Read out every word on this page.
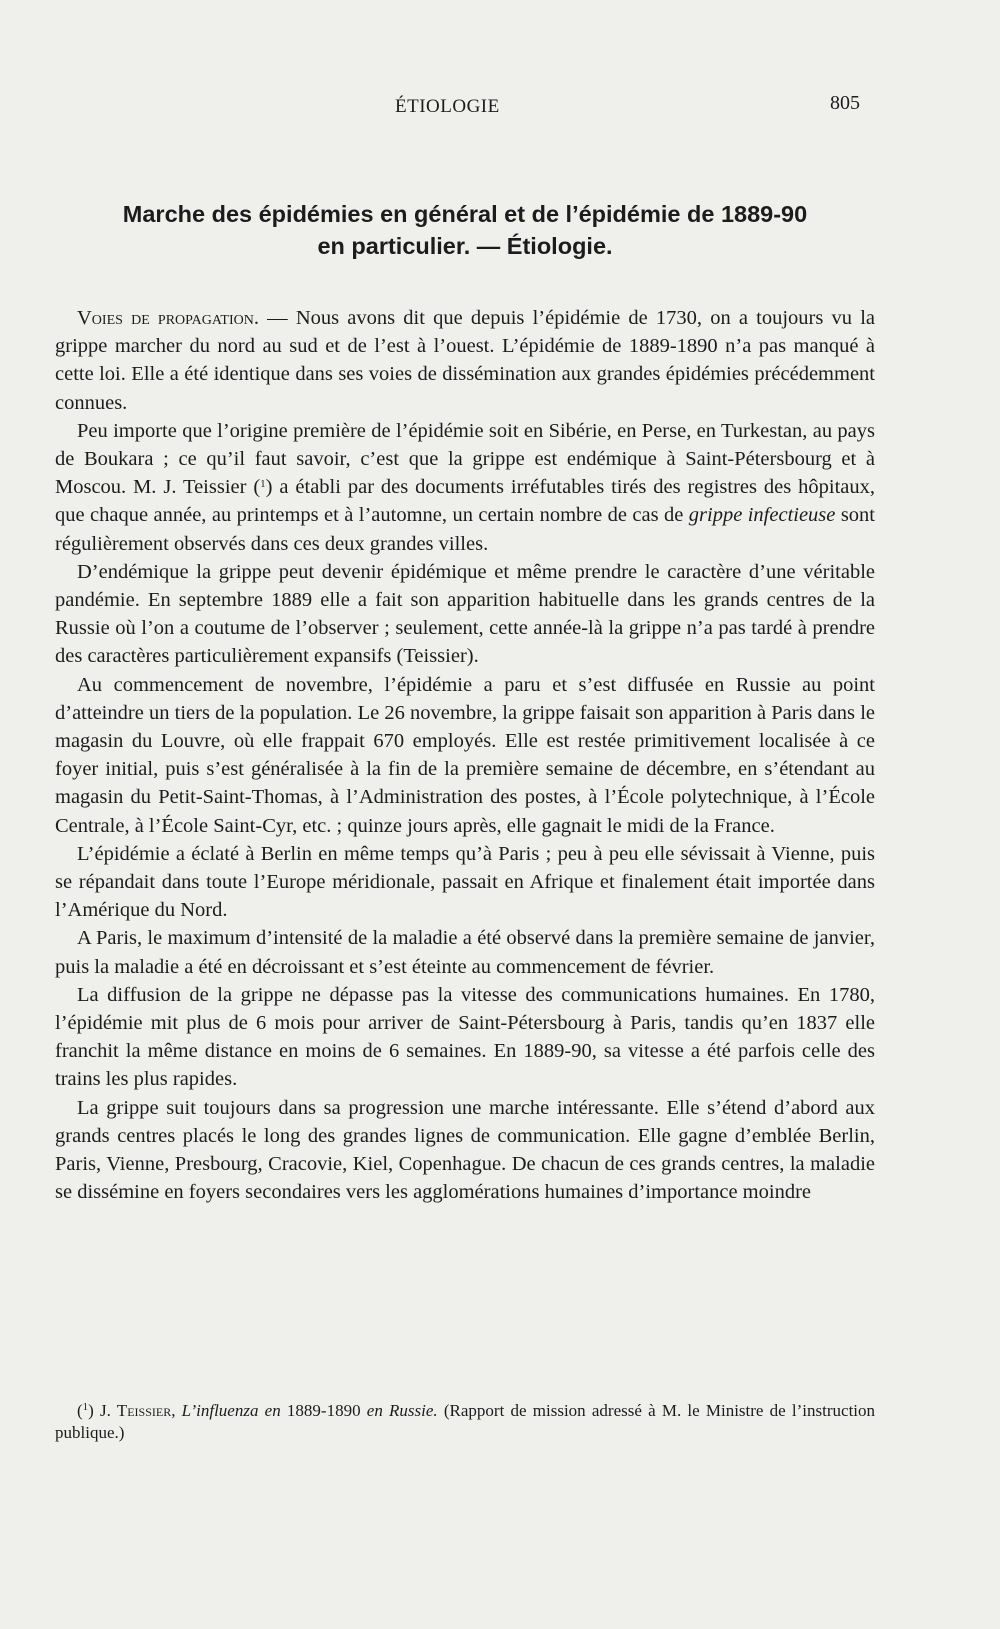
ÉTIOLOGIE	805
Marche des épidémies en général et de l’épidémie de 1889-90
en particulier. — Étiologie.

Voies de propagation. — Nous avons dit que depuis l’épidémie de 1730, on a toujours vu la grippe marcher du nord au sud et de l’est à l’ouest. L’épidémie de 1889-1890 n’a pas manqué à cette loi. Elle a été identique dans ses voies de dissémination aux grandes épidémies précédemment connues.

Peu importe que l’origine première de l’épidémie soit en Sibérie, en Perse, en Turkestan, au pays de Boukara ; ce qu’il faut savoir, c’est que la grippe est endémique à Saint-Pétersbourg et à Moscou. M. J. Teissier ($^1$) a établi par des documents irréfutables tirés des registres des hôpitaux, que chaque année, au printemps et à l’automne, un certain nombre de cas de grippe infectieuse sont régulièrement observés dans ces deux grandes villes.

D’endémique la grippe peut devenir épidémique et même prendre le caractère d’une véritable pandémie. En septembre 1889 elle a fait son apparition habituelle dans les grands centres de la Russie où l’on a coutume de l’observer ; seulement, cette année-là la grippe n’a pas tardé à prendre des caractères particulièrement expansifs (Teissier).

Au commencement de novembre, l’épidémie a paru et s’est diffusée en Russie au point d’atteindre un tiers de la population. Le 26 novembre, la grippe faisait son apparition à Paris dans le magasin du Louvre, où elle frappait 670 employés. Elle est restée primitivement localisée à ce foyer initial, puis s’est généralisée à la fin de la première semaine de décembre, en s’étendant au magasin du Petit-Saint-Thomas, à l’Administration des postes, à l’École polytechnique, à l’École Centrale, à l’École Saint-Cyr, etc. ; quinze jours après, elle gagnait le midi de la France.

L’épidémie a éclaté à Berlin en même temps qu’à Paris ; peu à peu elle sévissait à Vienne, puis se répandait dans toute l’Europe méridionale, passait en Afrique et finalement était importée dans l’Amérique du Nord.

A Paris, le maximum d’intensité de la maladie a été observé dans la première semaine de janvier, puis la maladie a été en décroissant et s’est éteinte au commencement de février.

La diffusion de la grippe ne dépasse pas la vitesse des communications humaines. En 1780, l’épidémie mit plus de 6 mois pour arriver de Saint-Pétersbourg à Paris, tandis qu’en 1837 elle franchit la même distance en moins de 6 semaines. En 1889-90, sa vitesse a été parfois celle des trains les plus rapides.

La grippe suit toujours dans sa progression une marche intéressante. Elle s’étend d’abord aux grands centres placés le long des grandes lignes de communication. Elle gagne d’emblée Berlin, Paris, Vienne, Presbourg, Cracovie, Kiel, Copenhague. De chacun de ces grands centres, la maladie se dissémine en foyers secondaires vers les agglomérations humaines d’importance moindre

($^1$) J. Teissier, L’influenza en 1889-1890 en Russie. (Rapport de mission adressé à M. le Ministre de l’instruction publique.)
